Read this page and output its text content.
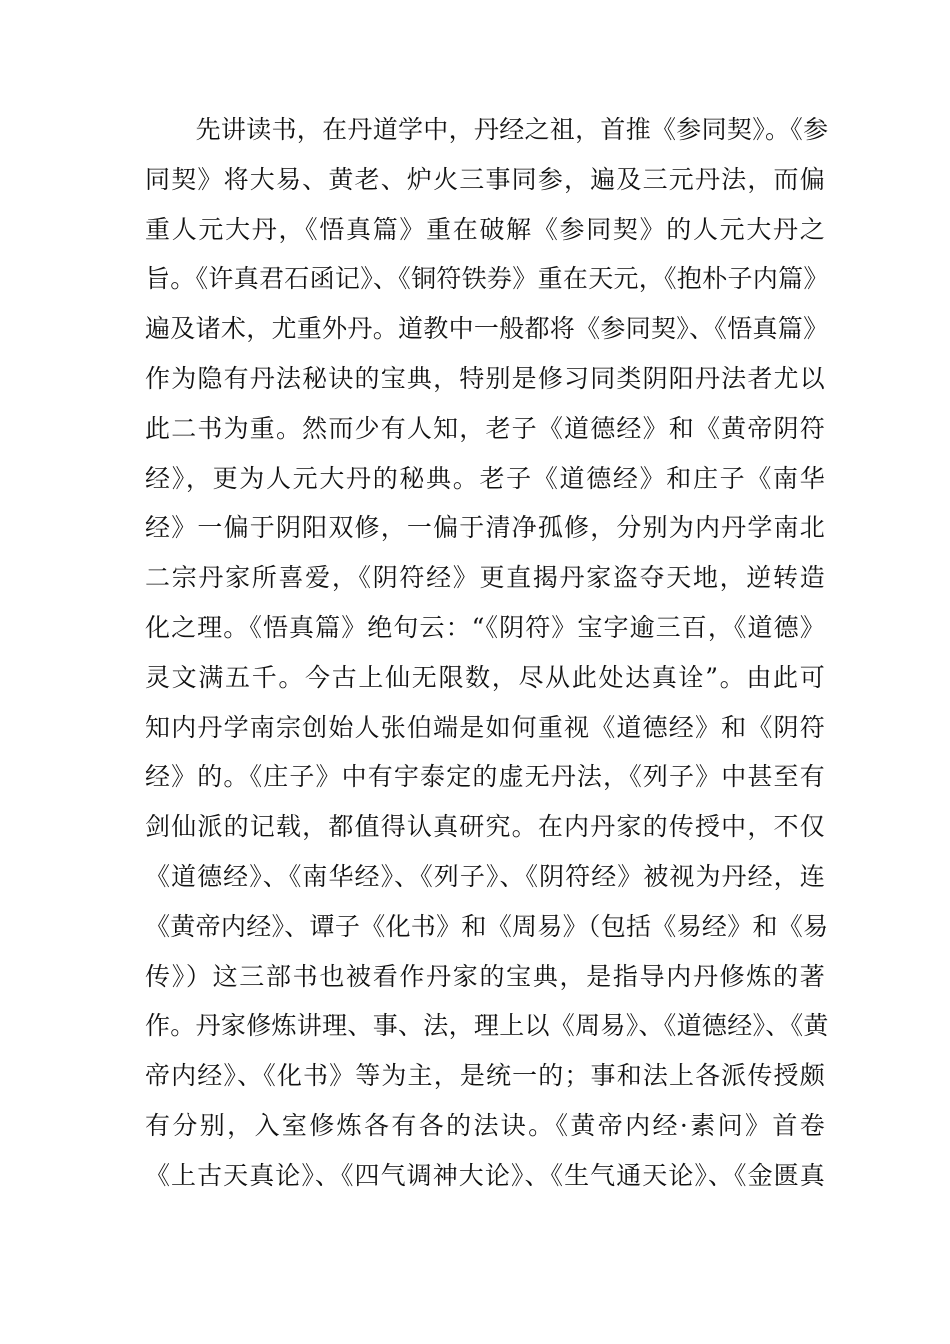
　　先讲读书，在丹道学中，丹经之祖，首推《参同契》。《参
同契》将大易、黄老、炉火三事同参，遍及三元丹法，而偏
重人元大丹，《悟真篇》重在破解《参同契》的人元大丹之
旨。《许真君石函记》、《铜符铁券》重在天元，《抱朴子内篇》
遍及诸术，尤重外丹。道教中一般都将《参同契》、《悟真篇》
作为隐有丹法秘诀的宝典，特别是修习同类阴阳丹法者尤以
此二书为重。然而少有人知，老子《道德经》和《黄帝阴符
经》，更为人元大丹的秘典。老子《道德经》和庄子《南华
经》一偏于阴阳双修，一偏于清净孤修，分别为内丹学南北
二宗丹家所喜爱，《阴符经》更直揭丹家盗夺天地，逆转造
化之理。《悟真篇》绝句云：“《阴符》宝字逾三百，《道德》
灵文满五千。今古上仙无限数，尽从此处达真诠”。由此可
知内丹学南宗创始人张伯端是如何重视《道德经》和《阴符
经》的。《庄子》中有宇泰定的虚无丹法，《列子》中甚至有
剑仙派的记载，都值得认真研究。在内丹家的传授中，不仅
《道德经》、《南华经》、《列子》、《阴符经》被视为丹经，连
《黄帝内经》、谭子《化书》和《周易》（包括《易经》和《易
传》）这三部书也被看作丹家的宝典，是指导内丹修炼的著
作。丹家修炼讲理、事、法，理上以《周易》、《道德经》、《黄
帝内经》、《化书》等为主，是统一的；事和法上各派传授颇
有分别，入室修炼各有各的法诀。《黄帝内经·素问》首卷
《上古天真论》、《四气调神大论》、《生气通天论》、《金匮真
